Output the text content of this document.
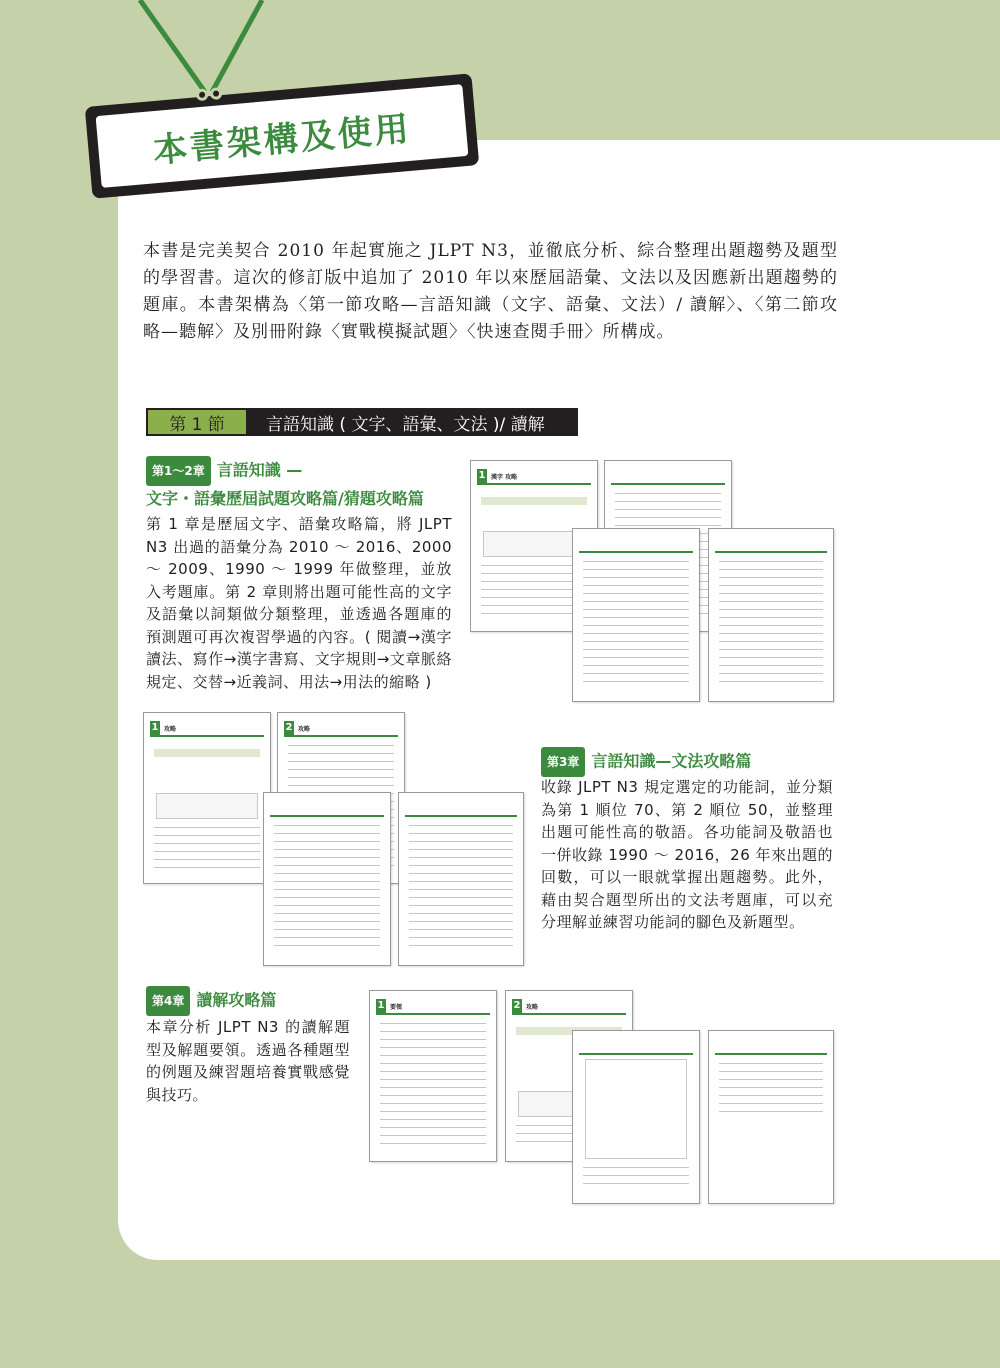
本書架構及使用

本書是完美契合 2010 年起實施之 JLPT N3，並徹底分析、綜合整理出題趨勢及題型的學習書。這次的修訂版中追加了 2010 年以來歷屆語彙、文法以及因應新出題趨勢的題庫。本書架構為〈第一節攻略—言語知識（文字、語彙、文法）/ 讀解〉、〈第二節攻略—聽解〉及別冊附錄〈實戰模擬試題〉〈快速查閱手冊〉所構成。

第 1 節	言語知識 ( 文字、語彙、文法 )/ 讀解
第1～2章 言語知識 —
文字・語彙歷屆試題攻略篇/猜題攻略篇

第 1 章是歷屆文字、語彙攻略篇，將 JLPT N3 出過的語彙分為 2010 ～ 2016、2000 ～ 2009、1990 ～ 1999 年做整理，並放入考題庫。第 2 章則將出題可能性高的文字及語彙以詞類做分類整理，並透過各題庫的預測題可再次複習學過的內容。( 閱讀→漢字讀法、寫作→漢字書寫、文字規則→文章脈絡規定、交替→近義詞、用法→用法的縮略 )

1 漢字 攻略
1 攻略	2 攻略
第3章 言語知識—文法攻略篇

收錄 JLPT N3 規定選定的功能詞，並分類為第 1 順位 70、第 2 順位 50，並整理出題可能性高的敬語。各功能詞及敬語也一併收錄 1990 ～ 2016，26 年來出題的回數，可以一眼就掌握出題趨勢。此外，藉由契合題型所出的文法考題庫，可以充分理解並練習功能詞的腳色及新題型。

第4章 讀解攻略篇

本章分析 JLPT N3 的讀解題型及解題要領。透過各種題型的例題及練習題培養實戰感覺與技巧。

1 要領	2 攻略
